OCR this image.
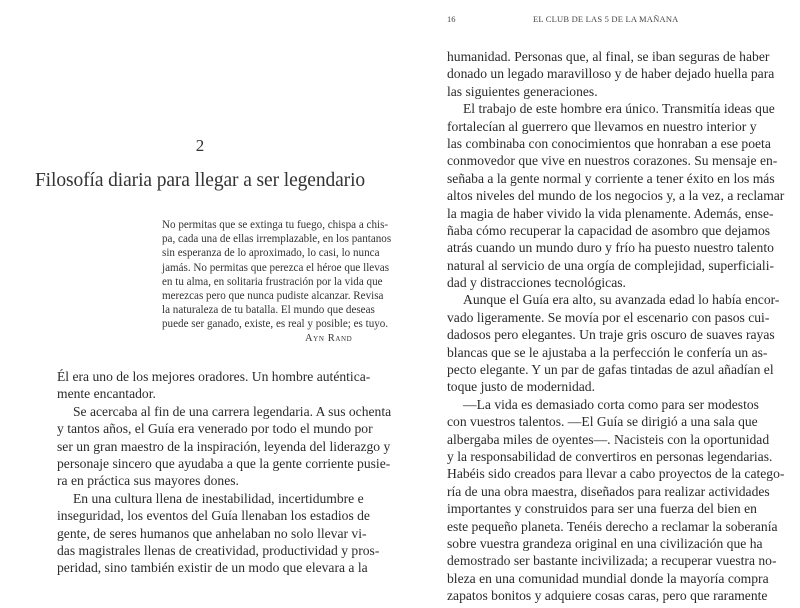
2
Filosofía diaria para llegar a ser legendario
No permitas que se extinga tu fuego, chispa a chis-
pa, cada una de ellas irremplazable, en los pantanos
sin esperanza de lo aproximado, lo casi, lo nunca
jamás. No permitas que perezca el héroe que llevas
en tu alma, en solitaria frustración por la vida que
merezcas pero que nunca pudiste alcanzar. Revisa
la naturaleza de tu batalla. El mundo que deseas
puede ser ganado, existe, es real y posible; es tuyo.
Ayn Rand
Él era uno de los mejores oradores. Un hombre auténtica-
mente encantador.
Se acercaba al fin de una carrera legendaria. A sus ochenta
y tantos años, el Guía era venerado por todo el mundo por
ser un gran maestro de la inspiración, leyenda del liderazgo y
personaje sincero que ayudaba a que la gente corriente pusie-
ra en práctica sus mayores dones.
En una cultura llena de inestabilidad, incertidumbre e
inseguridad, los eventos del Guía llenaban los estadios de
gente, de seres humanos que anhelaban no solo llevar vi-
das magistrales llenas de creatividad, productividad y pros-
peridad, sino también existir de un modo que elevara a la
16	EL CLUB DE LAS 5 DE LA MAÑANA
humanidad. Personas que, al final, se iban seguras de haber
donado un legado maravilloso y de haber dejado huella para
las siguientes generaciones.
El trabajo de este hombre era único. Transmitía ideas que
fortalecían al guerrero que llevamos en nuestro interior y
las combinaba con conocimientos que honraban a ese poeta
conmovedor que vive en nuestros corazones. Su mensaje en-
señaba a la gente normal y corriente a tener éxito en los más
altos niveles del mundo de los negocios y, a la vez, a reclamar
la magia de haber vivido la vida plenamente. Además, ense-
ñaba cómo recuperar la capacidad de asombro que dejamos
atrás cuando un mundo duro y frío ha puesto nuestro talento
natural al servicio de una orgía de complejidad, superficiali-
dad y distracciones tecnológicas.
Aunque el Guía era alto, su avanzada edad lo había encor-
vado ligeramente. Se movía por el escenario con pasos cui-
dadosos pero elegantes. Un traje gris oscuro de suaves rayas
blancas que se le ajustaba a la perfección le confería un as-
pecto elegante. Y un par de gafas tintadas de azul añadían el
toque justo de modernidad.
—La vida es demasiado corta como para ser modestos
con vuestros talentos. —El Guía se dirigió a una sala que
albergaba miles de oyentes—. Nacisteis con la oportunidad
y la responsabilidad de convertiros en personas legendarias.
Habéis sido creados para llevar a cabo proyectos de la catego-
ría de una obra maestra, diseñados para realizar actividades
importantes y construidos para ser una fuerza del bien en
este pequeño planeta. Tenéis derecho a reclamar la soberanía
sobre vuestra grandeza original en una civilización que ha
demostrado ser bastante incivilizada; a recuperar vuestra no-
bleza en una comunidad mundial donde la mayoría compra
zapatos bonitos y adquiere cosas caras, pero que raramente
